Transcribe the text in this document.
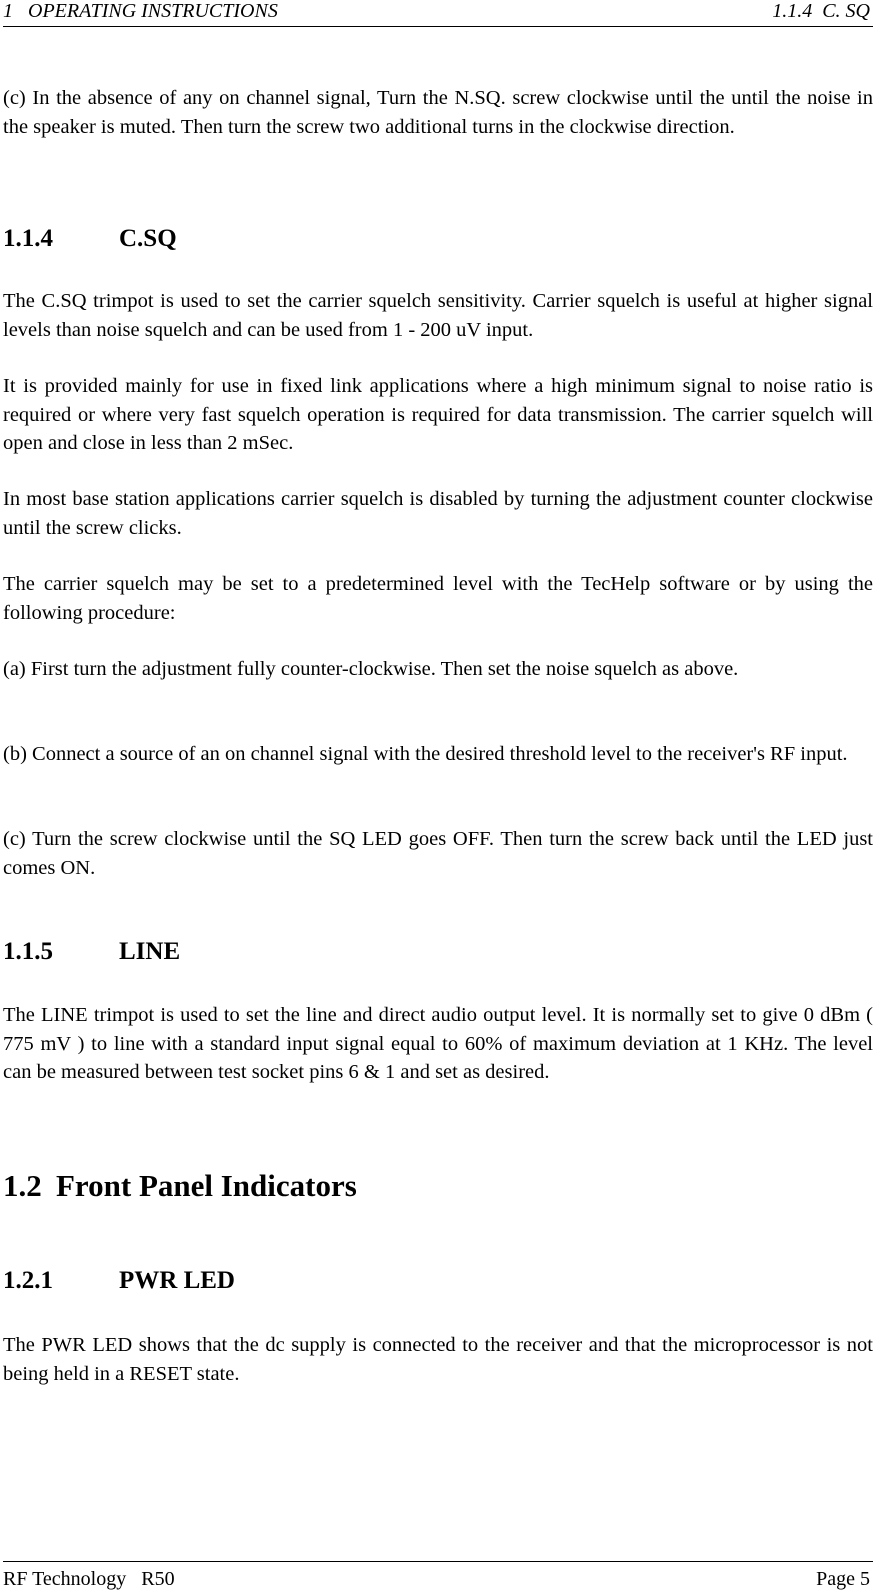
1   OPERATING INSTRUCTIONS	1.1.4  C. SQ
(c) In the absence of any on channel signal, Turn the N.SQ. screw clockwise until the until the noise in the speaker is muted. Then turn the screw two additional turns in the clockwise direction.
1.1.4	C.SQ
The C.SQ trimpot is used to set the carrier squelch sensitivity. Carrier squelch is useful at higher signal levels than noise squelch and can be used from 1 - 200 uV input.
It is provided mainly for use in fixed link applications where a high minimum signal to noise ratio is required or where very fast squelch operation is required for data transmission. The carrier squelch will open and close in less than 2 mSec.
In most base station applications carrier squelch is disabled by turning the adjustment counter clockwise until the screw clicks.
The carrier squelch may be set to a predetermined level with the TecHelp software or by using the following procedure:
(a) First turn the adjustment fully counter-clockwise. Then set the noise squelch as above.
(b) Connect a source of an on channel signal with the desired threshold level to the receiver's RF input.
(c) Turn the screw clockwise until the SQ LED goes OFF. Then turn the screw back until the LED just comes ON.
1.1.5	LINE
The LINE trimpot is used to set the line and direct audio output level. It is normally set to give 0 dBm ( 775 mV ) to line with a standard input signal equal to 60% of maximum deviation at 1 KHz. The level can be measured between test socket pins 6 & 1 and set as desired.
1.2 Front Panel Indicators
1.2.1	PWR LED
The PWR LED shows that the dc supply is connected to the receiver and that the microprocessor is not being held in a RESET state.
RF Technology   R50	Page 5
